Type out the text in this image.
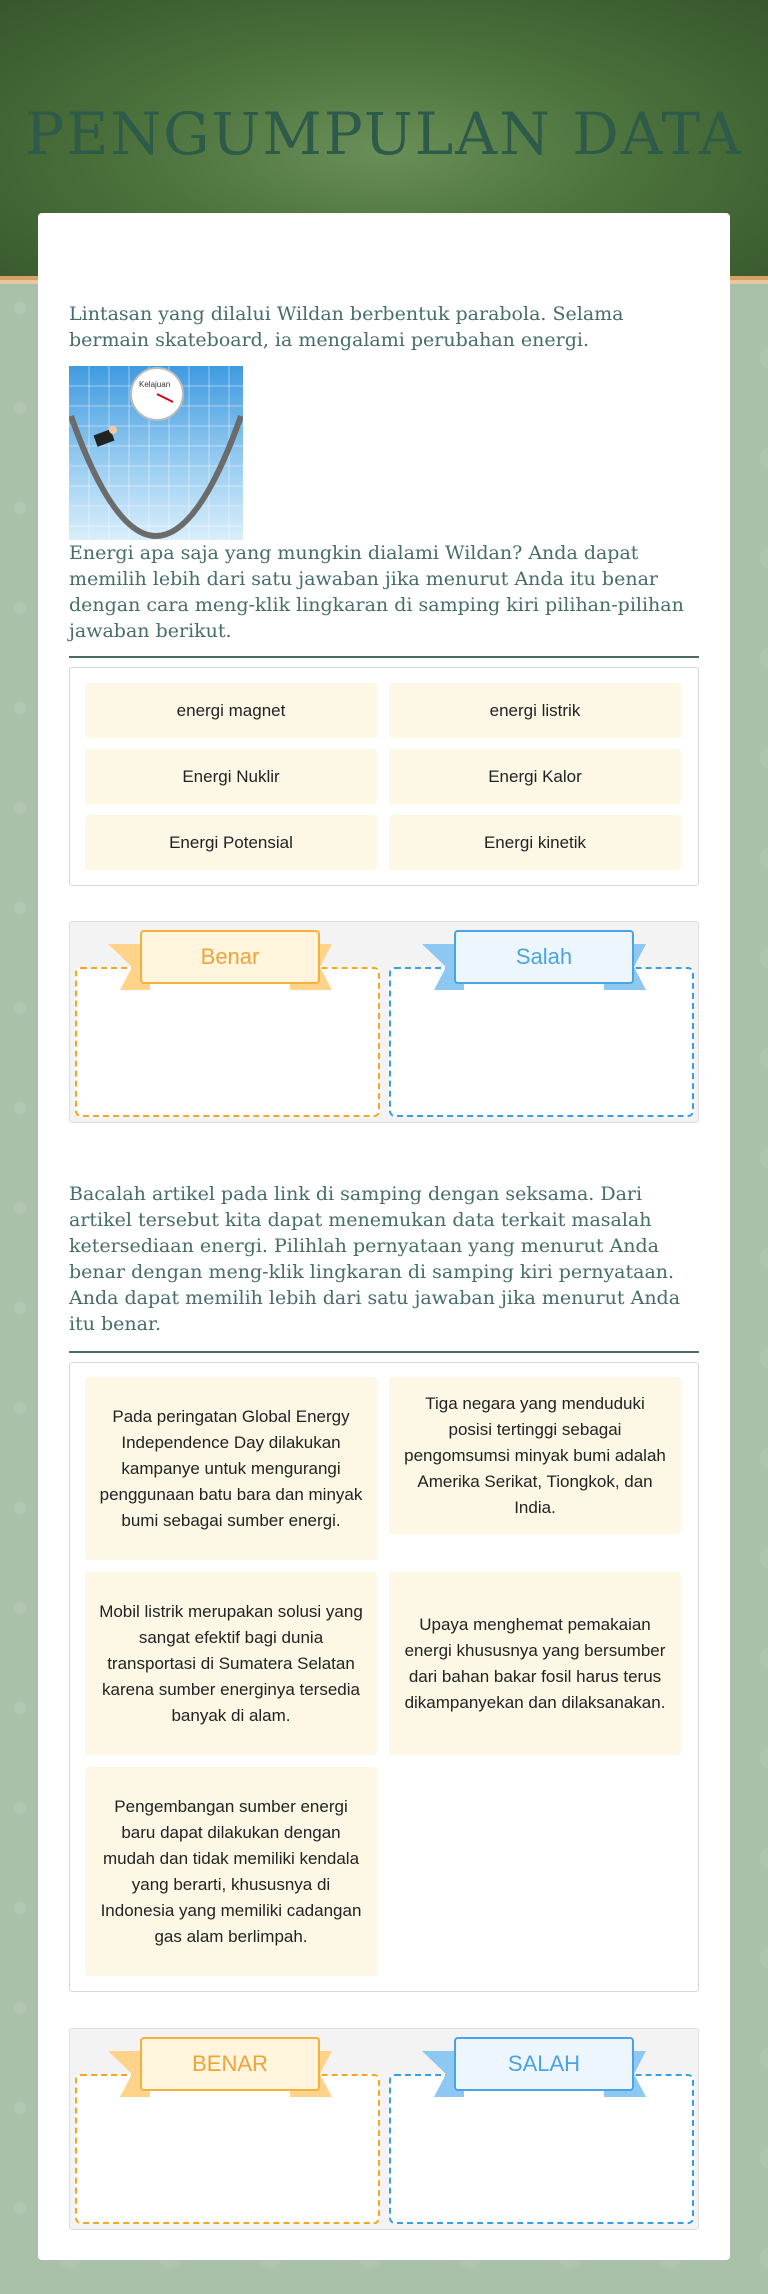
PENGUMPULAN DATA

Lintasan yang dilalui Wildan berbentuk parabola. Selama bermain skateboard, ia mengalami perubahan energi.

Kelajuan

Energi apa saja yang mungkin dialami Wildan? Anda dapat memilih lebih dari satu jawaban jika menurut Anda itu benar dengan cara meng-klik lingkaran di samping kiri pilihan-pilihan jawaban berikut.

energi magnet	energi listrik
Energi Nuklir	Energi Kalor
Energi Potensial	Energi kinetik
Benar	Salah

Bacalah artikel pada link di samping dengan seksama. Dari artikel tersebut kita dapat menemukan data terkait masalah ketersediaan energi. Pilihlah pernyataan yang menurut Anda benar dengan meng-klik lingkaran di samping kiri pernyataan. Anda dapat memilih lebih dari satu jawaban jika menurut Anda itu benar.

Pada peringatan Global Energy Independence Day dilakukan kampanye untuk mengurangi penggunaan batu bara dan minyak bumi sebagai sumber energi.
Tiga negara yang menduduki posisi tertinggi sebagai pengomsumsi minyak bumi adalah Amerika Serikat, Tiongkok, dan India.
Mobil listrik merupakan solusi yang sangat efektif bagi dunia transportasi di Sumatera Selatan karena sumber energinya tersedia banyak di alam.
Upaya menghemat pemakaian energi khususnya yang bersumber dari bahan bakar fosil harus terus dikampanyekan dan dilaksanakan.
Pengembangan sumber energi baru dapat dilakukan dengan mudah dan tidak memiliki kendala yang berarti, khususnya di Indonesia yang memiliki cadangan gas alam berlimpah.
BENAR	SALAH
